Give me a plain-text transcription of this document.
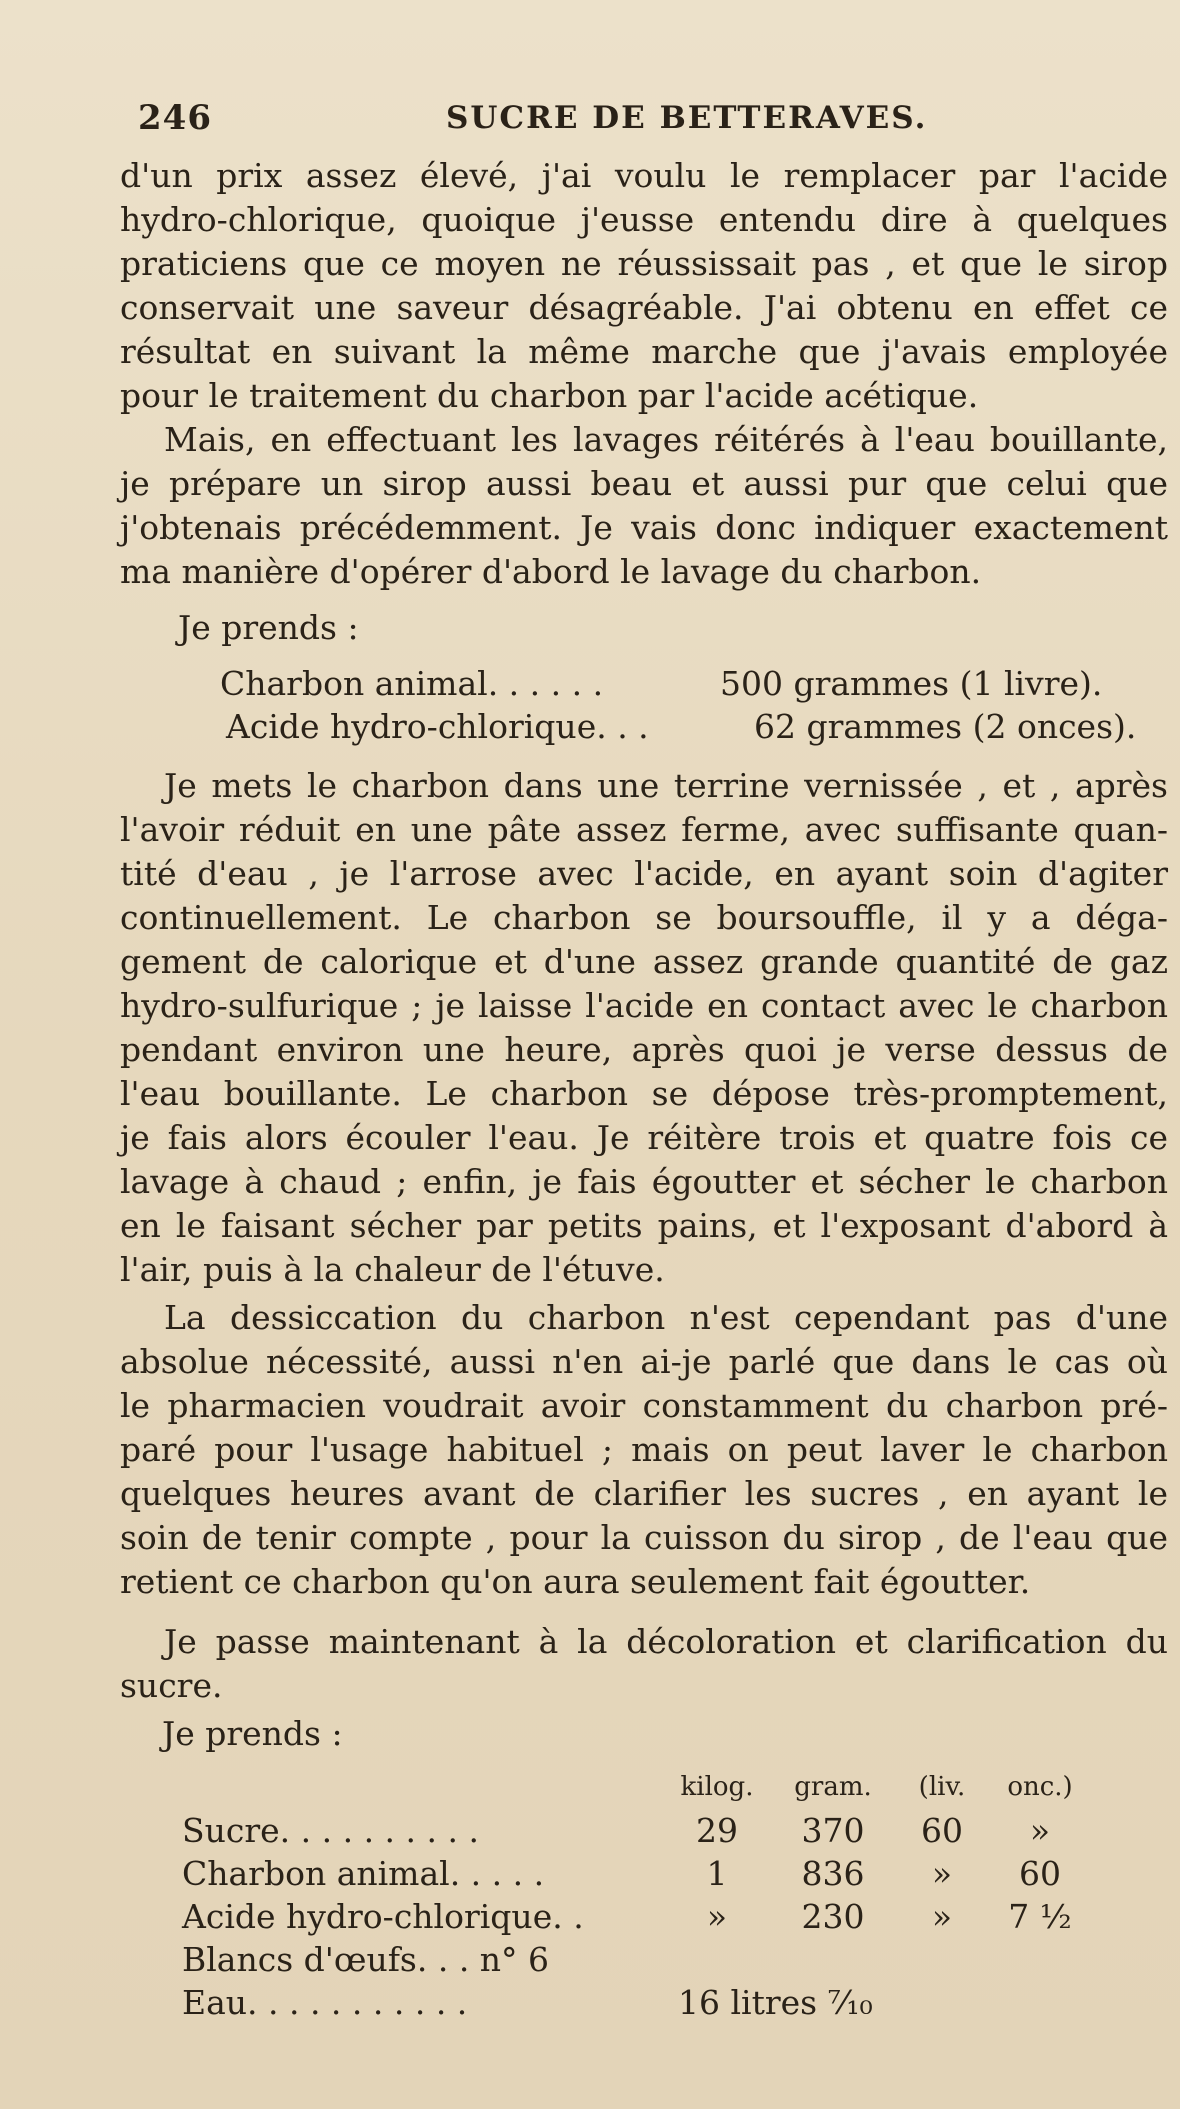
246	SUCRE DE BETTERAVES.
d'un prix assez élevé, j'ai voulu le remplacer par l'acide
hydro-chlorique, quoique j'eusse entendu dire à quelques
praticiens que ce moyen ne réussissait pas , et que le sirop
conservait une saveur désagréable. J'ai obtenu en effet ce
résultat en suivant la même marche que j'avais employée
pour le traitement du charbon par l'acide acétique.
Mais, en effectuant les lavages réitérés à l'eau bouillante,
je prépare un sirop aussi beau et aussi pur que celui que
j'obtenais précédemment. Je vais donc indiquer exactement
ma manière d'opérer d'abord le lavage du charbon.
Je prends :
Charbon animal. . . . . .	500 grammes (1 livre).
Acide hydro-chlorique. . .	62 grammes (2 onces).
Je mets le charbon dans une terrine vernissée , et , après
l'avoir réduit en une pâte assez ferme, avec suffisante quan-
tité d'eau , je l'arrose avec l'acide, en ayant soin d'agiter
continuellement. Le charbon se boursouffle, il y a déga-
gement de calorique et d'une assez grande quantité de gaz
hydro-sulfurique ; je laisse l'acide en contact avec le charbon
pendant environ une heure, après quoi je verse dessus de
l'eau bouillante. Le charbon se dépose très-promptement,
je fais alors écouler l'eau. Je réitère trois et quatre fois ce
lavage à chaud ; enfin, je fais égoutter et sécher le charbon
en le faisant sécher par petits pains, et l'exposant d'abord à
l'air, puis à la chaleur de l'étuve.
La dessiccation du charbon n'est cependant pas d'une
absolue nécessité, aussi n'en ai-je parlé que dans le cas où
le pharmacien voudrait avoir constamment du charbon pré-
paré pour l'usage habituel ; mais on peut laver le charbon
quelques heures avant de clarifier les sucres , en ayant le
soin de tenir compte , pour la cuisson du sirop , de l'eau que
retient ce charbon qu'on aura seulement fait égoutter.
Je passe maintenant à la décoloration et clarification du
sucre.
Je prends :
	kilog.	gram.	(liv.	onc.)
Sucre. . . . . . . . . .	29	370	60	»
Charbon animal. . . . .	1	836	»	60
Acide hydro-chlorique. .	»	230	»	7 ½
Blancs d'œufs. . . n° 6				
Eau. . . . . . . . . . .	16 litres ⁷⁄₁₀			
